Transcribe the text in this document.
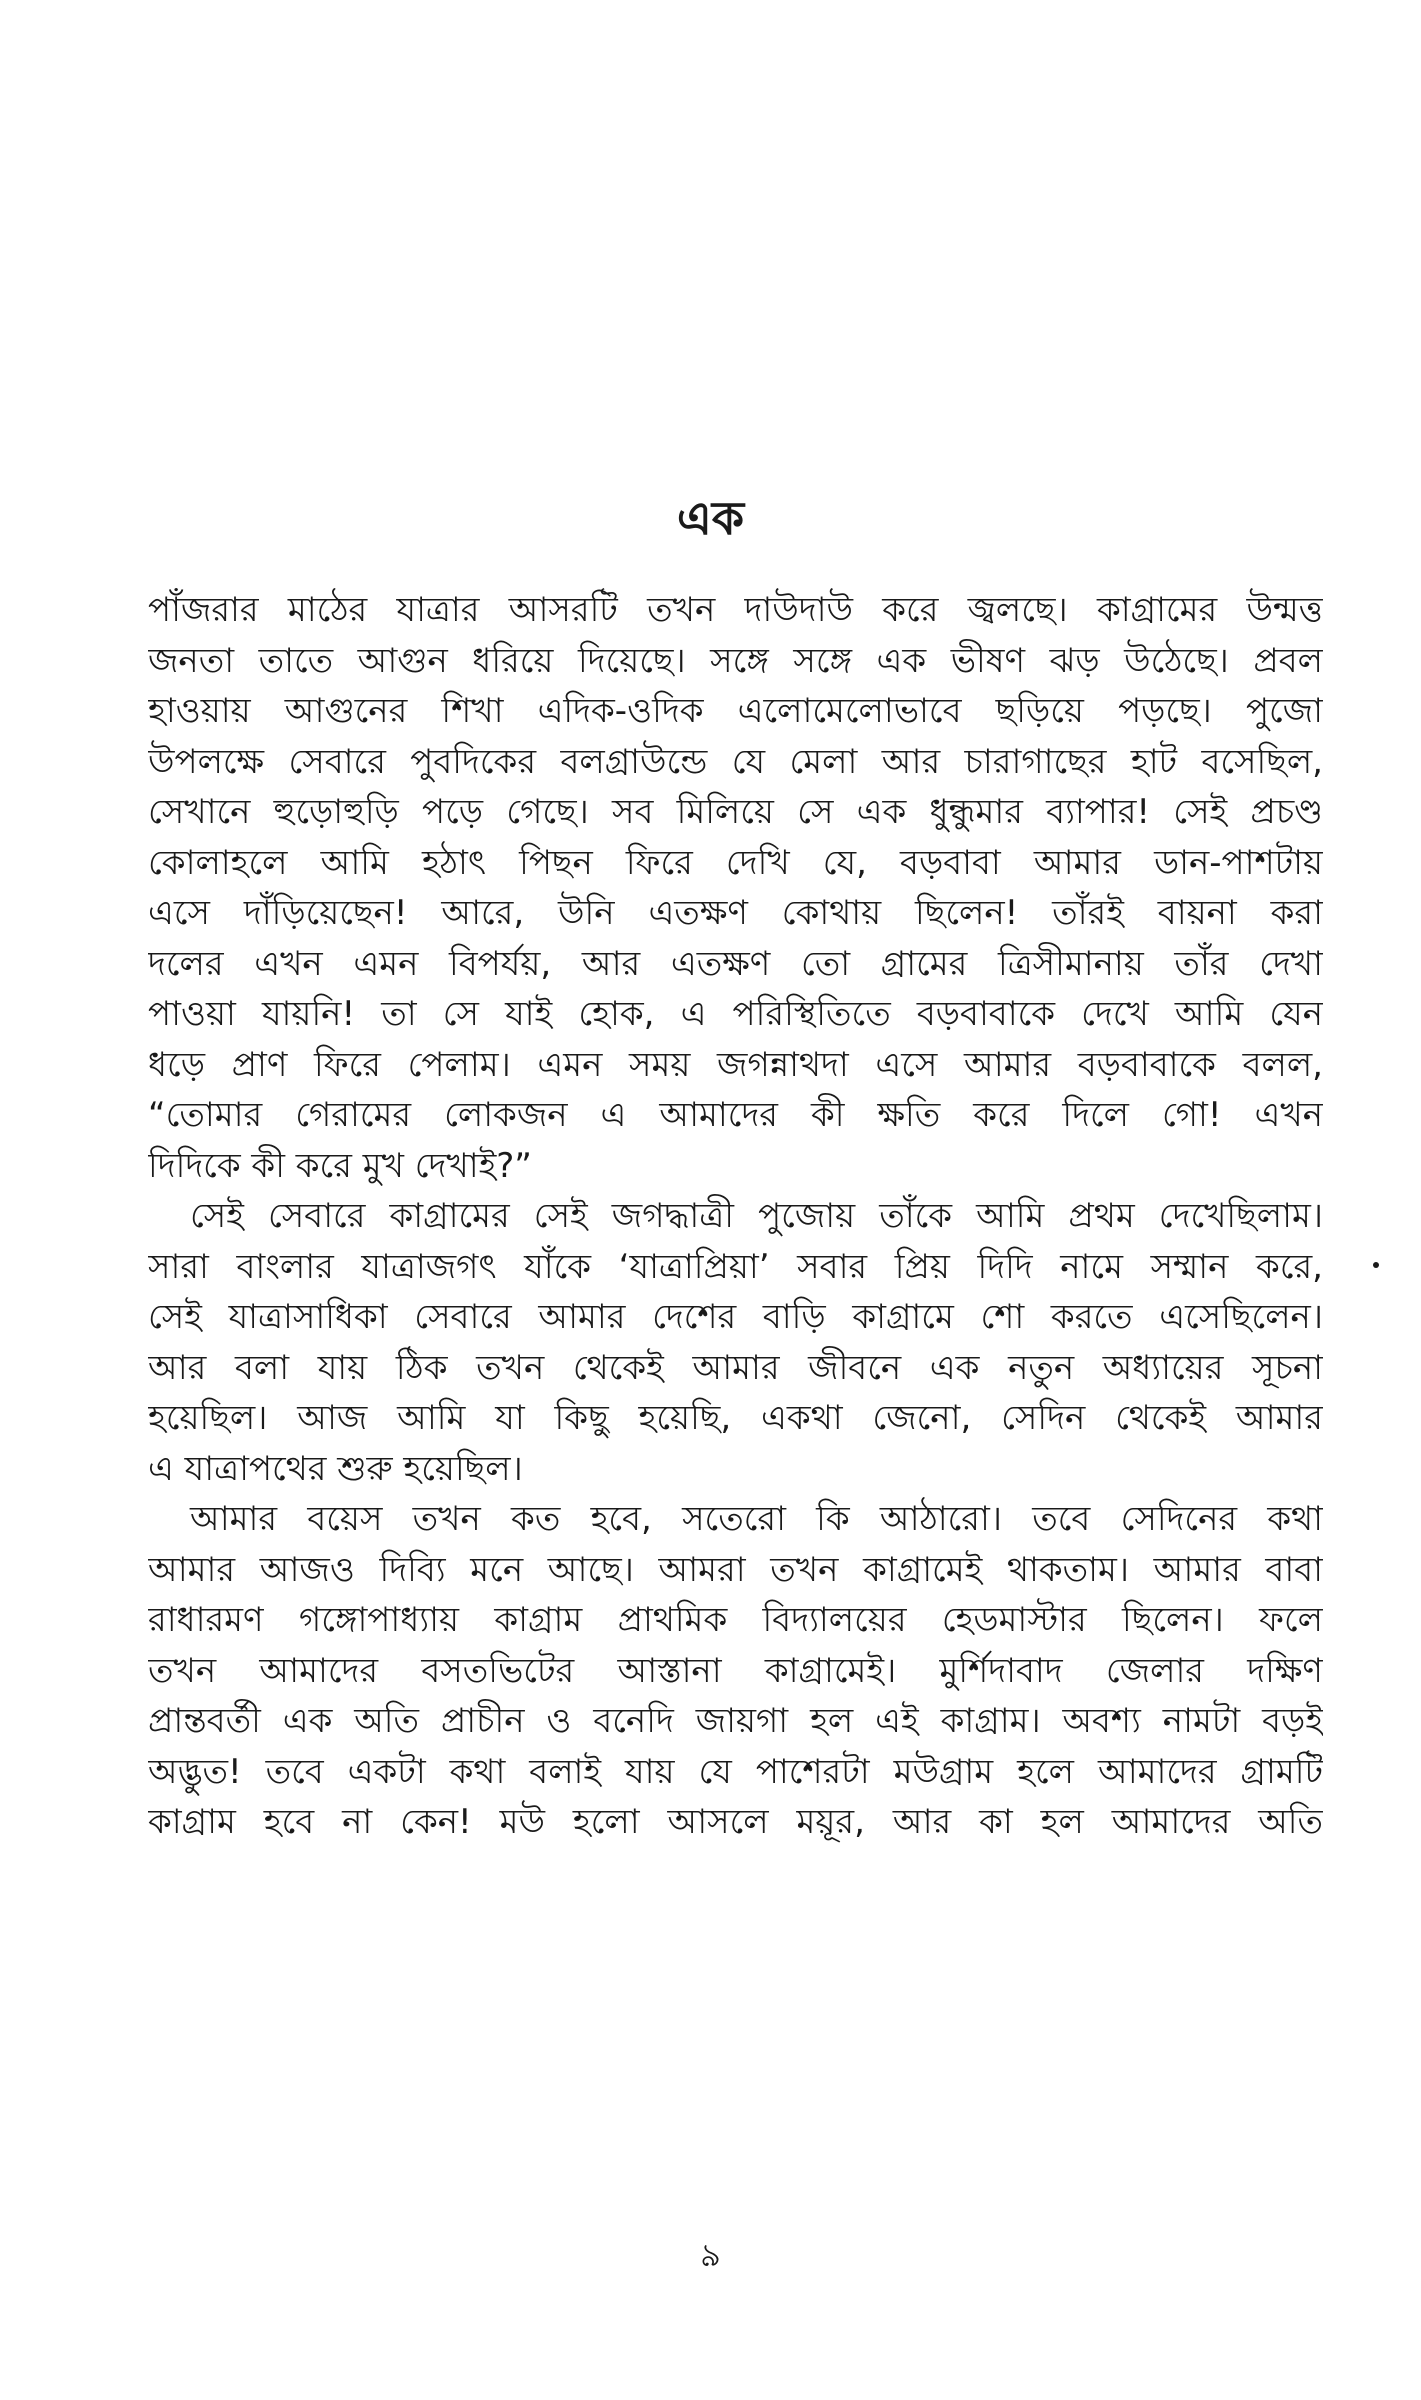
এক
পাঁজরার মাঠের যাত্রার আসরটি তখন দাউদাউ করে জ্বলছে। কাগ্রামের উন্মত্ত
জনতা তাতে আগুন ধরিয়ে দিয়েছে। সঙ্গে সঙ্গে এক ভীষণ ঝড় উঠেছে। প্রবল
হাওয়ায় আগুনের শিখা এদিক-ওদিক এলোমেলোভাবে ছড়িয়ে পড়ছে। পুজো
উপলক্ষে সেবারে পুবদিকের বলগ্রাউন্ডে যে মেলা আর চারাগাছের হাট বসেছিল,
সেখানে হুড়োহুড়ি পড়ে গেছে। সব মিলিয়ে সে এক ধুন্ধুমার ব্যাপার! সেই প্রচণ্ড
কোলাহলে আমি হঠাৎ পিছন ফিরে দেখি যে, বড়বাবা আমার ডান-পাশটায়
এসে দাঁড়িয়েছেন! আরে, উনি এতক্ষণ কোথায় ছিলেন! তাঁরই বায়না করা
দলের এখন এমন বিপর্যয়, আর এতক্ষণ তো গ্রামের ত্রিসীমানায় তাঁর দেখা
পাওয়া যায়নি! তা সে যাই হোক, এ পরিস্থিতিতে বড়বাবাকে দেখে আমি যেন
ধড়ে প্রাণ ফিরে পেলাম। এমন সময় জগন্নাথদা এসে আমার বড়বাবাকে বলল,
“তোমার গেরামের লোকজন এ আমাদের কী ক্ষতি করে দিলে গো! এখন
দিদিকে কী করে মুখ দেখাই?”
সেই সেবারে কাগ্রামের সেই জগদ্ধাত্রী পুজোয় তাঁকে আমি প্রথম দেখেছিলাম।
সারা বাংলার যাত্রাজগৎ যাঁকে ‘যাত্রাপ্রিয়া’ সবার প্রিয় দিদি নামে সম্মান করে,
সেই যাত্রাসাধিকা সেবারে আমার দেশের বাড়ি কাগ্রামে শো করতে এসেছিলেন।
আর বলা যায় ঠিক তখন থেকেই আমার জীবনে এক নতুন অধ্যায়ের সূচনা
হয়েছিল। আজ আমি যা কিছু হয়েছি, একথা জেনো, সেদিন থেকেই আমার
এ যাত্রাপথের শুরু হয়েছিল।
আমার বয়েস তখন কত হবে, সতেরো কি আঠারো। তবে সেদিনের কথা
আমার আজও দিব্যি মনে আছে। আমরা তখন কাগ্রামেই থাকতাম। আমার বাবা
রাধারমণ গঙ্গোপাধ্যায় কাগ্রাম প্রাথমিক বিদ্যালয়ের হেডমাস্টার ছিলেন। ফলে
তখন আমাদের বসতভিটের আস্তানা কাগ্রামেই। মুর্শিদাবাদ জেলার দক্ষিণ
প্রান্তবর্তী এক অতি প্রাচীন ও বনেদি জায়গা হল এই কাগ্রাম। অবশ্য নামটা বড়ই
অদ্ভুত! তবে একটা কথা বলাই যায় যে পাশেরটা মউগ্রাম হলে আমাদের গ্রামটি
কাগ্রাম হবে না কেন! মউ হলো আসলে ময়ূর, আর কা হল আমাদের অতি
৯
